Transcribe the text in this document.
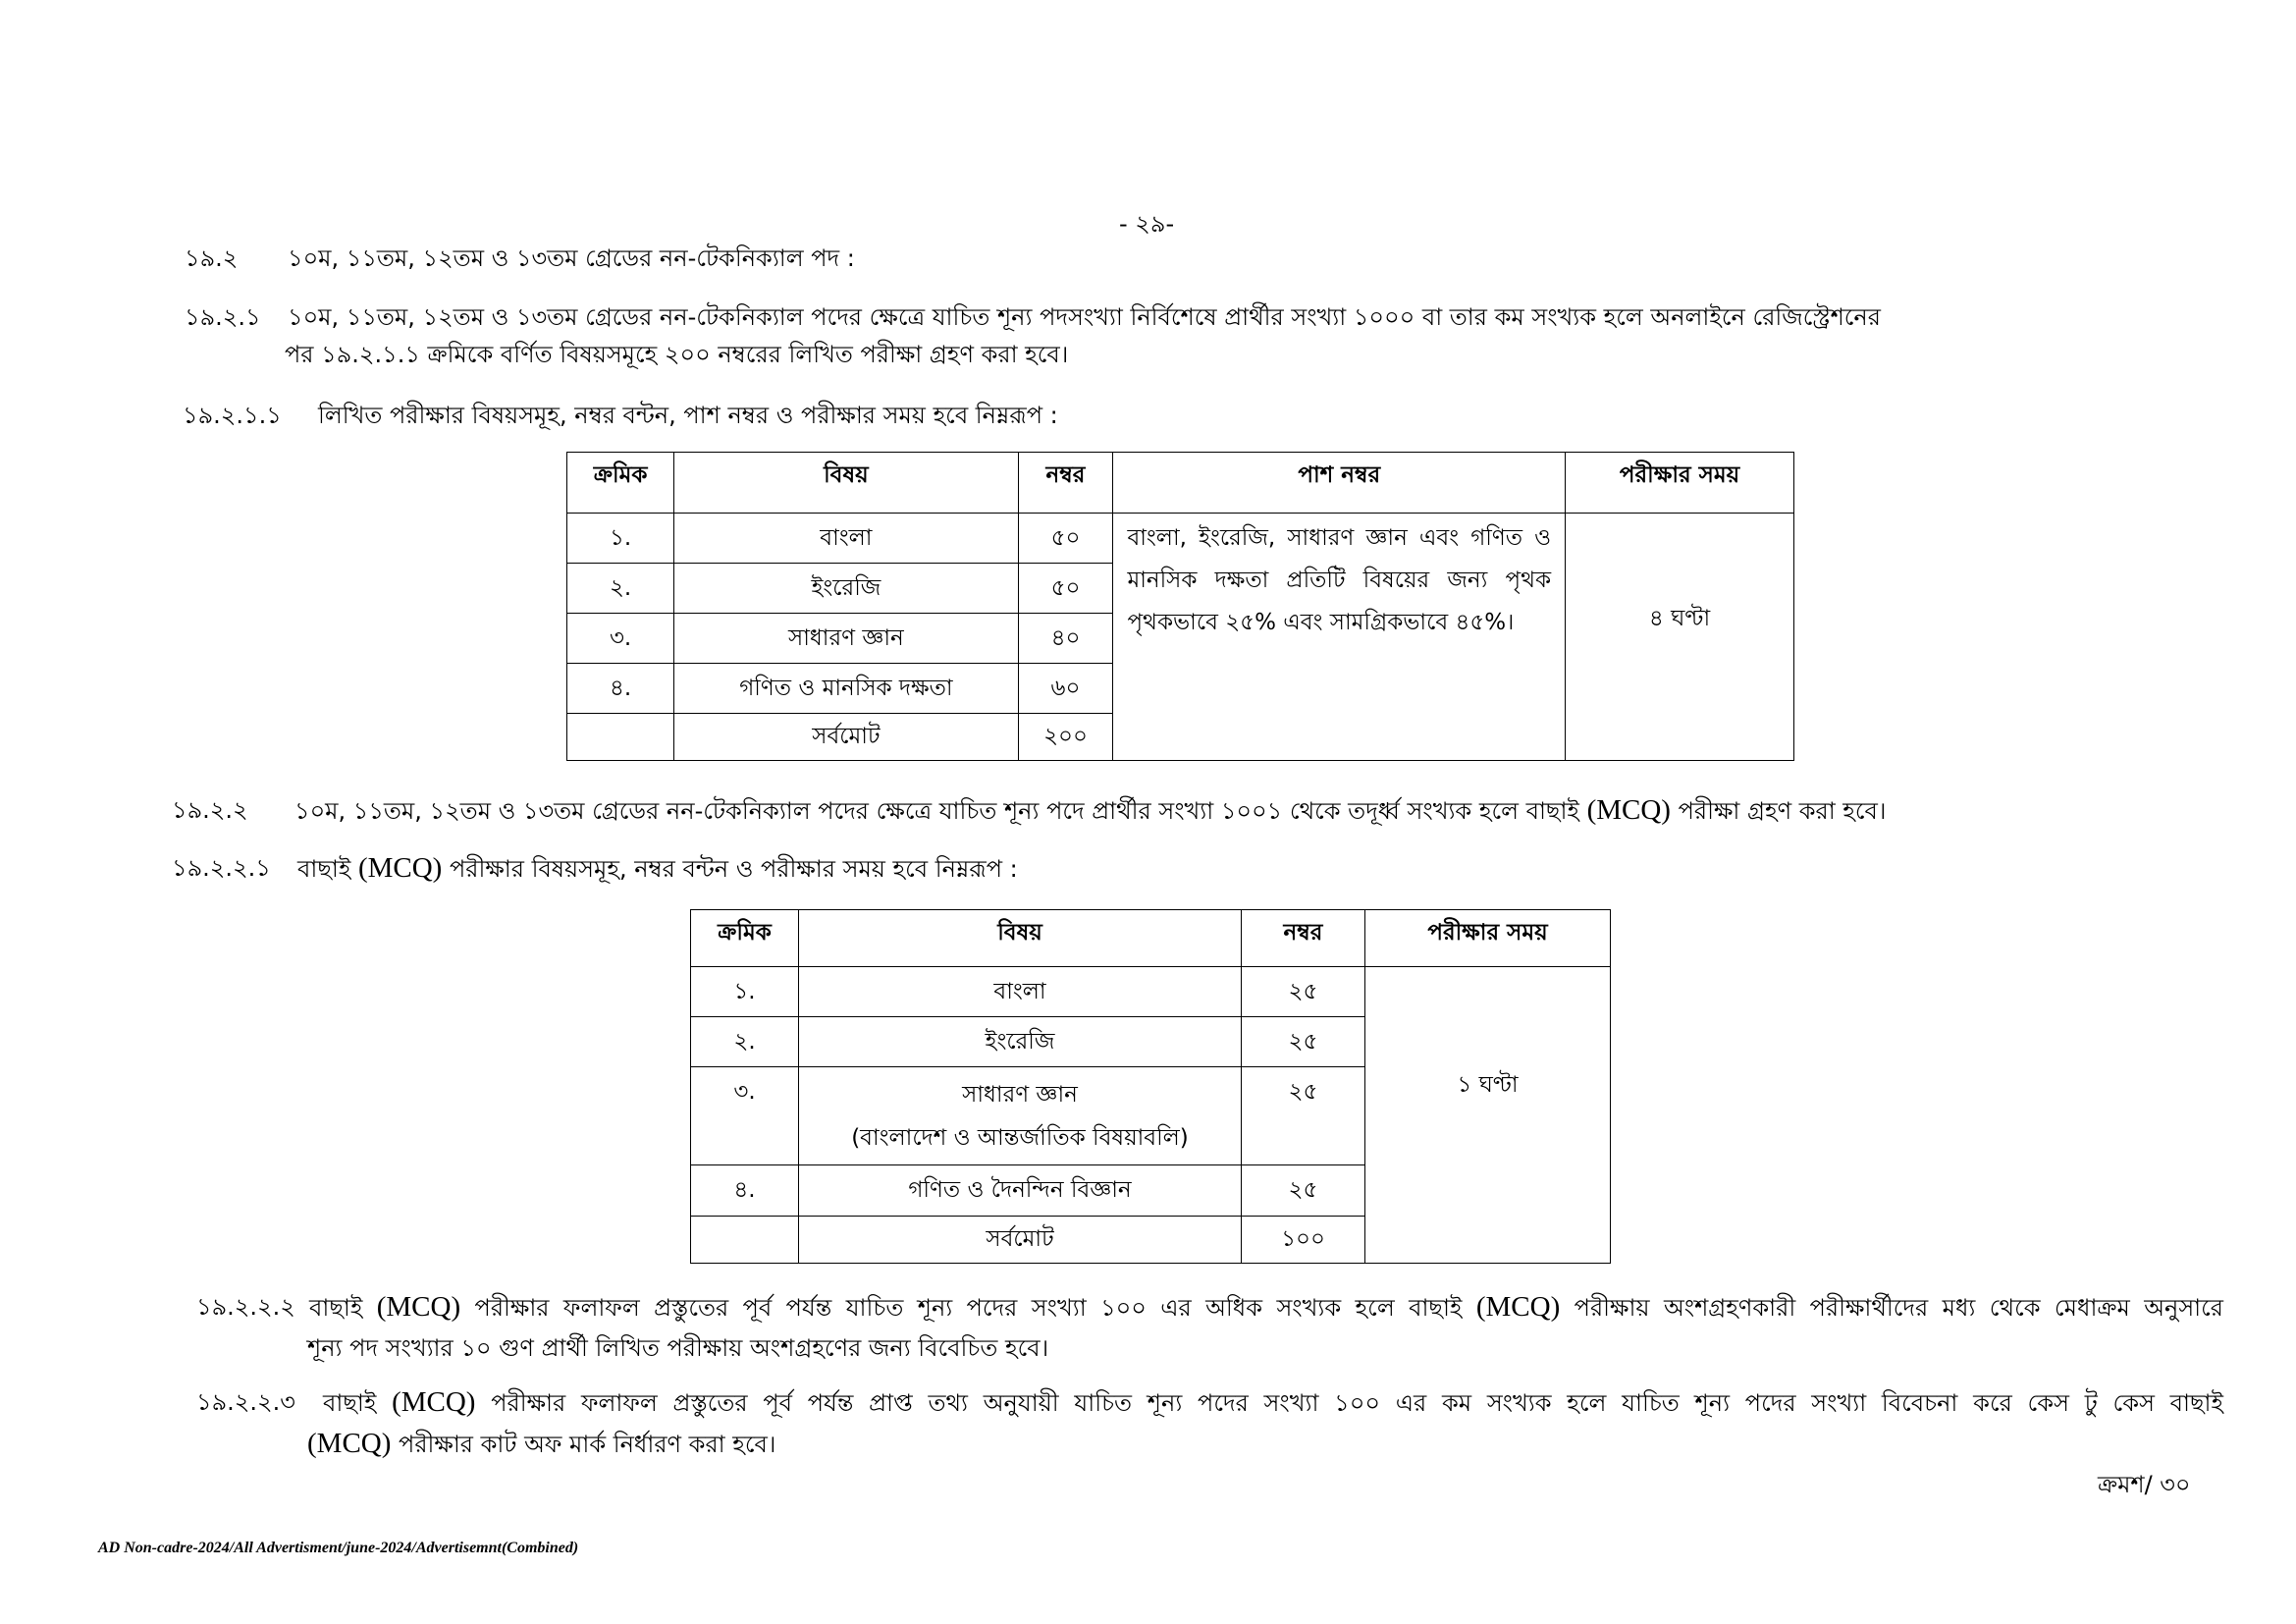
- ২৯-
১৯.২ ১০ম, ১১তম, ১২তম ও ১৩তম গ্রেডের নন-টেকনিক্যাল পদ :
১৯.২.১ ১০ম, ১১তম, ১২তম ও ১৩তম গ্রেডের নন-টেকনিক্যাল পদের ক্ষেত্রে যাচিত শূন্য পদসংখ্যা নির্বিশেষে প্রার্থীর সংখ্যা ১০০০ বা তার কম সংখ্যক হলে অনলাইনে রেজিস্ট্রেশনের
পর ১৯.২.১.১ ক্রমিকে বর্ণিত বিষয়সমূহে ২০০ নম্বরের লিখিত পরীক্ষা গ্রহণ করা হবে।
১৯.২.১.১ লিখিত পরীক্ষার বিষয়সমূহ, নম্বর বন্টন, পাশ নম্বর ও পরীক্ষার সময় হবে নিম্নরূপ :
ক্রমিক	বিষয়	নম্বর	পাশ নম্বর	পরীক্ষার সময়
১.	বাংলা	৫০	বাংলা, ইংরেজি, সাধারণ জ্ঞান এবং গণিত ও মানসিক দক্ষতা প্রতিটি বিষয়ের জন্য পৃথক পৃথকভাবে ২৫% এবং সামগ্রিকভাবে ৪৫%।	৪ ঘণ্টা
২.	ইংরেজি	৫০		
৩.	সাধারণ জ্ঞান	৪০		
৪.	গণিত ও মানসিক দক্ষতা	৬০		
	সর্বমোট	২০০		
১৯.২.২ ১০ম, ১১তম, ১২তম ও ১৩তম গ্রেডের নন-টেকনিক্যাল পদের ক্ষেত্রে যাচিত শূন্য পদে প্রার্থীর সংখ্যা ১০০১ থেকে তদূর্ধ্ব সংখ্যক হলে বাছাই (MCQ) পরীক্ষা গ্রহণ করা হবে।
১৯.২.২.১ বাছাই (MCQ) পরীক্ষার বিষয়সমূহ, নম্বর বন্টন ও পরীক্ষার সময় হবে নিম্নরূপ :
ক্রমিক	বিষয়	নম্বর	পরীক্ষার সময়
১.	বাংলা	২৫	১ ঘণ্টা
২.	ইংরেজি	২৫	
৩.	সাধারণ জ্ঞান
(বাংলাদেশ ও আন্তর্জাতিক বিষয়াবলি)	২৫	
৪.	গণিত ও দৈনন্দিন বিজ্ঞান	২৫	
	সর্বমোট	১০০	
১৯.২.২.২ বাছাই (MCQ) পরীক্ষার ফলাফল প্রস্তুতের পূর্ব পর্যন্ত যাচিত শূন্য পদের সংখ্যা ১০০ এর অধিক সংখ্যক হলে বাছাই (MCQ) পরীক্ষায় অংশগ্রহণকারী পরীক্ষার্থীদের মধ্য থেকে মেধাক্রম অনুসারে
শূন্য পদ সংখ্যার ১০ গুণ প্রার্থী লিখিত পরীক্ষায় অংশগ্রহণের জন্য বিবেচিত হবে।
১৯.২.২.৩ বাছাই (MCQ) পরীক্ষার ফলাফল প্রস্তুতের পূর্ব পর্যন্ত প্রাপ্ত তথ্য অনুযায়ী যাচিত শূন্য পদের সংখ্যা ১০০ এর কম সংখ্যক হলে যাচিত শূন্য পদের সংখ্যা বিবেচনা করে কেস টু কেস বাছাই
(MCQ) পরীক্ষার কাট অফ মার্ক নির্ধারণ করা হবে।
ক্রমশ/ ৩০
AD Non-cadre-2024/All Advertisment/june-2024/Advertisemnt(Combined)
